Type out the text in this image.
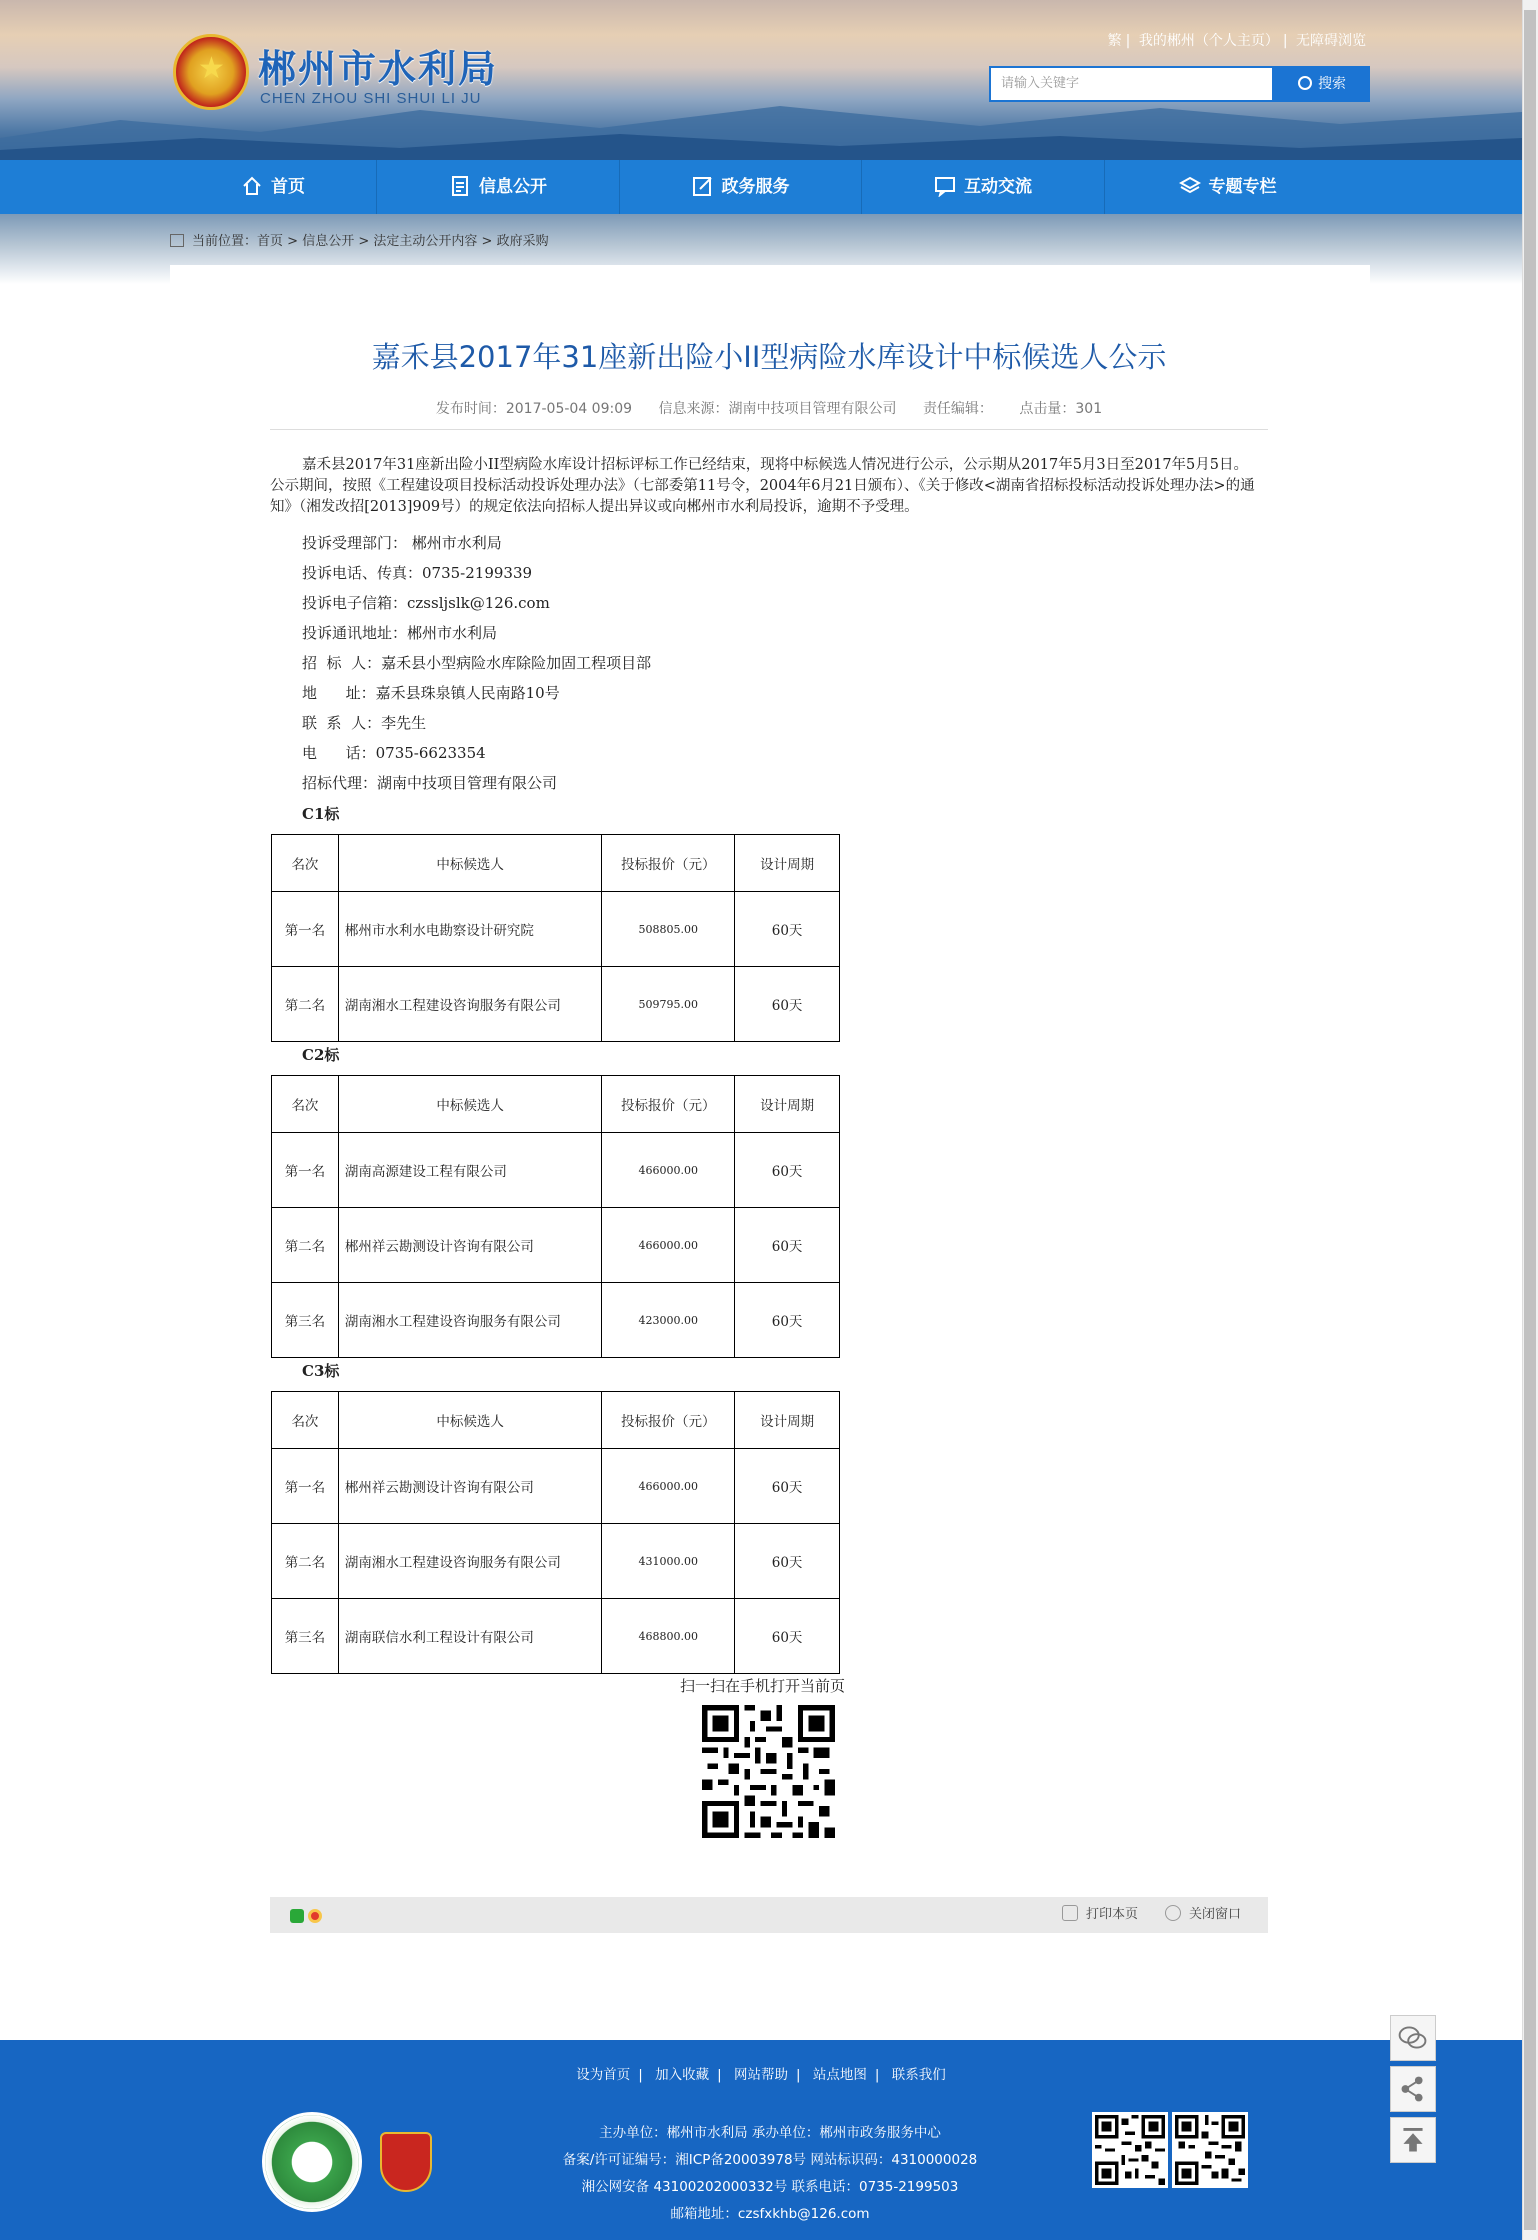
★ 郴州市水利局
CHEN ZHOU SHI SHUI LI JU
繁 | 我的郴州（个人主页） | 无障碍浏览
请输入关键字	搜索
首页	信息公开	政务服务	互动交流	专题专栏
当前位置：首页 > 信息公开 > 法定主动公开内容 > 政府采购
嘉禾县2017年31座新出险小II型病险水库设计中标候选人公示
发布时间：2017-05-04 09:09 信息来源：湖南中技项目管理有限公司 责任编辑： 点击量：301
嘉禾县2017年31座新出险小II型病险水库设计招标评标工作已经结束，现将中标候选人情况进行公示，公示期从2017年5月3日至2017年5月5日。公示期间，按照《工程建设项目投标活动投诉处理办法》（七部委第11号令，2004年6月21日颁布）、《关于修改<湖南省招标投标活动投诉处理办法>的通知》（湘发改招[2013]909号）的规定依法向招标人提出异议或向郴州市水利局投诉，逾期不予受理。
投诉受理部门： 郴州市水利局
投诉电话、传真：0735-2199339
投诉电子信箱：czssljslk@126.com
投诉通讯地址：郴州市水利局
招  标  人：嘉禾县小型病险水库除险加固工程项目部
地      址：嘉禾县珠泉镇人民南路10号
联  系  人：李先生
电      话：0735-6623354
招标代理：湖南中技项目管理有限公司
C1标
名次	中标候选人	投标报价（元）	设计周期
第一名	郴州市水利水电勘察设计研究院	508805.00	60天
第二名	湖南湘水工程建设咨询服务有限公司	509795.00	60天
C2标
名次	中标候选人	投标报价（元）	设计周期
第一名	湖南高源建设工程有限公司	466000.00	60天
第二名	郴州祥云勘测设计咨询有限公司	466000.00	60天
第三名	湖南湘水工程建设咨询服务有限公司	423000.00	60天
C3标
名次	中标候选人	投标报价（元）	设计周期
第一名	郴州祥云勘测设计咨询有限公司	466000.00	60天
第二名	湖南湘水工程建设咨询服务有限公司	431000.00	60天
第三名	湖南联信水利工程设计有限公司	468800.00	60天
扫一扫在手机打开当前页
打印本页	关闭窗口
设为首页 | 加入收藏 | 网站帮助 | 站点地图 | 联系我们
主办单位：郴州市水利局 承办单位：郴州市政务服务中心
备案/许可证编号：湘ICP备20003978号 网站标识码：4310000028
湘公网安备 43100202000332号 联系电话：0735-2199503
邮箱地址：czsfxkhb@126.com
